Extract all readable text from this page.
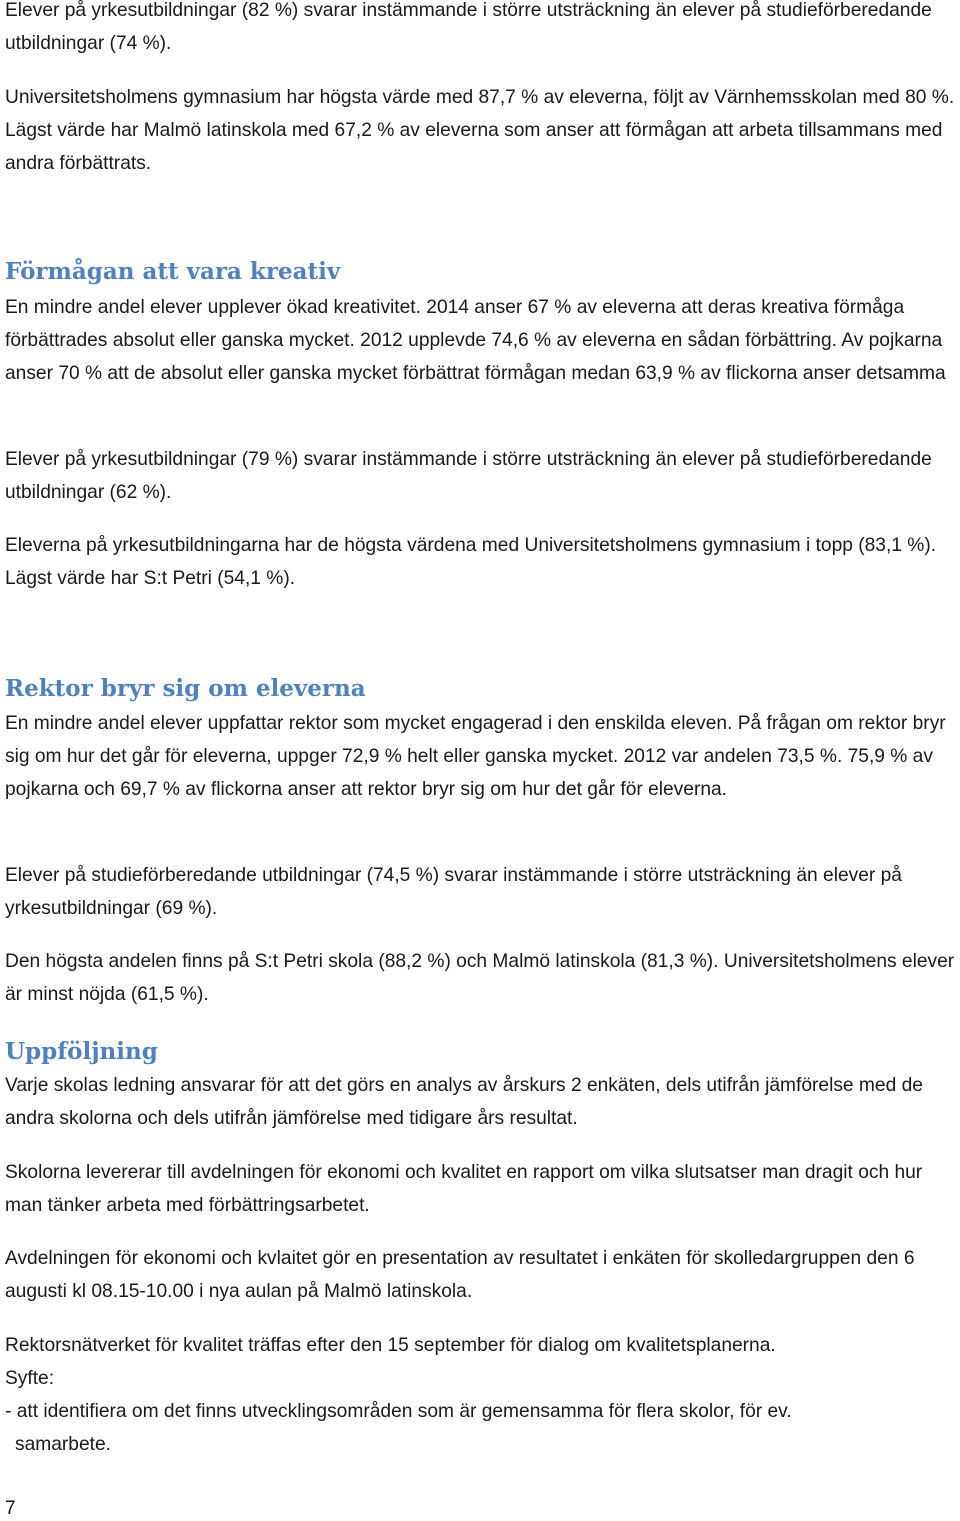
Elever på yrkesutbildningar (82 %) svarar instämmande i större utsträckning än elever på studieförberedande utbildningar (74 %).

Universitetsholmens gymnasium har högsta värde med 87,7 % av eleverna, följt av Värnhemsskolan med 80 %. Lägst värde har Malmö latinskola med 67,2 % av eleverna som anser att förmågan att arbeta tillsammans med andra förbättrats.

Förmågan att vara kreativ

En mindre andel elever upplever ökad kreativitet. 2014 anser 67 % av eleverna att deras kreativa förmåga förbättrades absolut eller ganska mycket. 2012 upplevde 74,6 % av eleverna en sådan förbättring. Av pojkarna anser 70 % att de absolut eller ganska mycket förbättrat förmågan medan 63,9 % av flickorna anser detsamma

Elever på yrkesutbildningar (79 %) svarar instämmande i större utsträckning än elever på studieförberedande utbildningar (62 %).

Eleverna på yrkesutbildningarna har de högsta värdena med Universitetsholmens gymnasium i topp (83,1 %). Lägst värde har S:t Petri (54,1 %).

Rektor bryr sig om eleverna

En mindre andel elever uppfattar rektor som mycket engagerad i den enskilda eleven. På frågan om rektor bryr sig om hur det går för eleverna, uppger 72,9 % helt eller ganska mycket. 2012 var andelen 73,5 %. 75,9 % av pojkarna och 69,7 % av flickorna anser att rektor bryr sig om hur det går för eleverna.

Elever på studieförberedande utbildningar (74,5 %) svarar instämmande i större utsträckning än elever på yrkesutbildningar (69 %).

Den högsta andelen finns på S:t Petri skola (88,2 %) och Malmö latinskola (81,3 %). Universitetsholmens elever är minst nöjda (61,5 %).

Uppföljning

Varje skolas ledning ansvarar för att det görs en analys av årskurs 2 enkäten, dels utifrån jämförelse med de andra skolorna och dels utifrån jämförelse med tidigare års resultat.

Skolorna levererar till avdelningen för ekonomi och kvalitet en rapport om vilka slutsatser man dragit och hur man tänker arbeta med förbättringsarbetet.

Avdelningen för ekonomi och kvlaitet gör en presentation av resultatet i enkäten för skolledargruppen den 6 augusti kl 08.15-10.00 i nya aulan på Malmö latinskola.

Rektorsnätverket för kvalitet träffas efter den 15 september för dialog om kvalitetsplanerna.

Syfte:

- att identifiera om det finns utvecklingsområden som är gemensamma för flera skolor, för ev.

samarbete.

7
